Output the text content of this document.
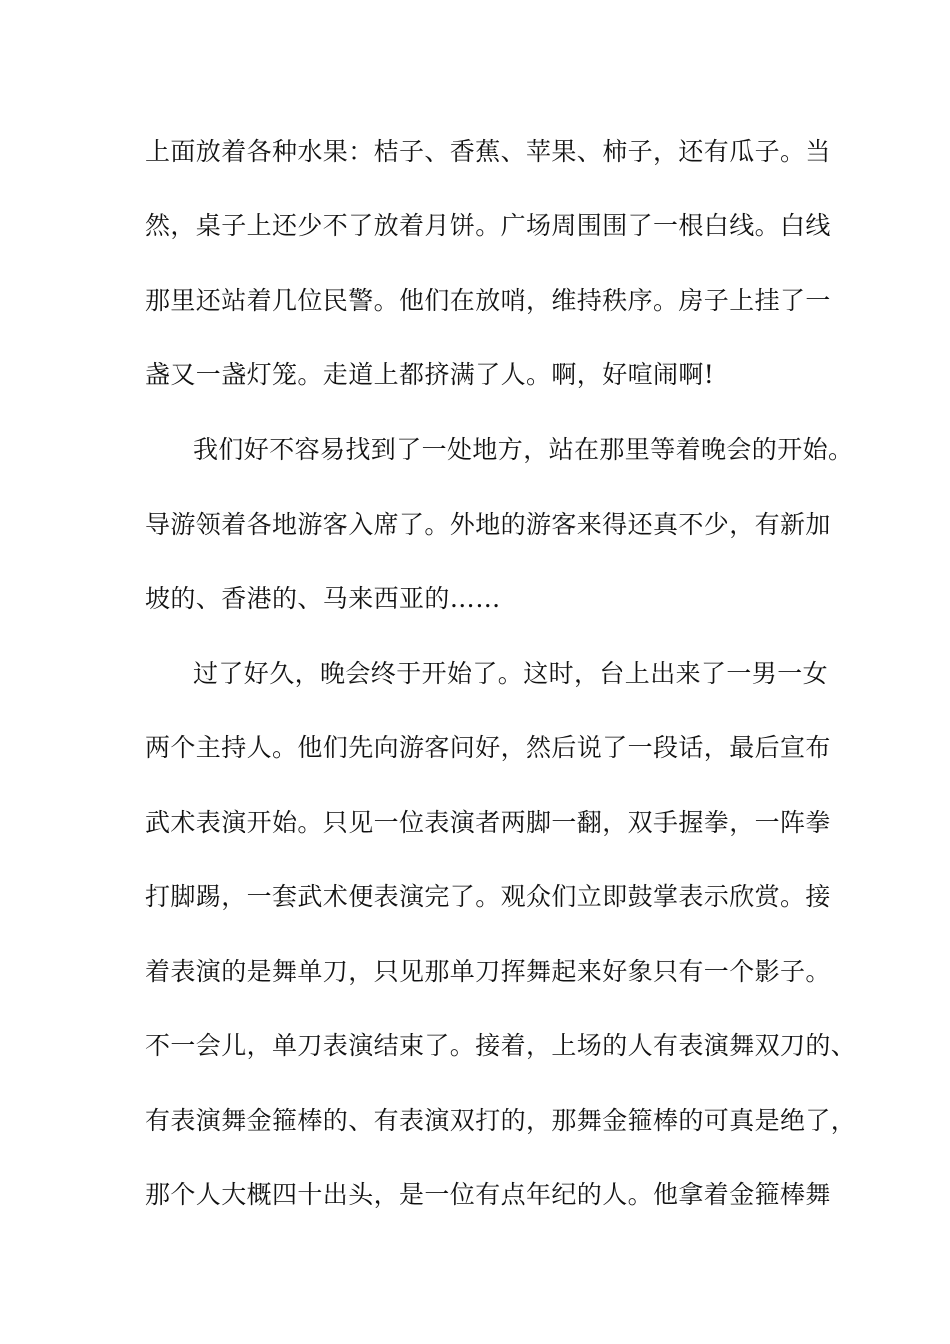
上面放着各种水果：桔子、香蕉、苹果、柿子，还有瓜子。当
然，桌子上还少不了放着月饼。广场周围围了一根白线。白线
那里还站着几位民警。他们在放哨，维持秩序。房子上挂了一
盏又一盏灯笼。走道上都挤满了人。啊，好喧闹啊!
我们好不容易找到了一处地方，站在那里等着晚会的开始。
导游领着各地游客入席了。外地的游客来得还真不少，有新加
坡的、香港的、马来西亚的……
过了好久，晚会终于开始了。这时，台上出来了一男一女
两个主持人。他们先向游客问好，然后说了一段话，最后宣布
武术表演开始。只见一位表演者两脚一翻，双手握拳，一阵拳
打脚踢，一套武术便表演完了。观众们立即鼓掌表示欣赏。接
着表演的是舞单刀，只见那单刀挥舞起来好象只有一个影子。
不一会儿，单刀表演结束了。接着，上场的人有表演舞双刀的、
有表演舞金箍棒的、有表演双打的，那舞金箍棒的可真是绝了，
那个人大概四十出头，是一位有点年纪的人。他拿着金箍棒舞
